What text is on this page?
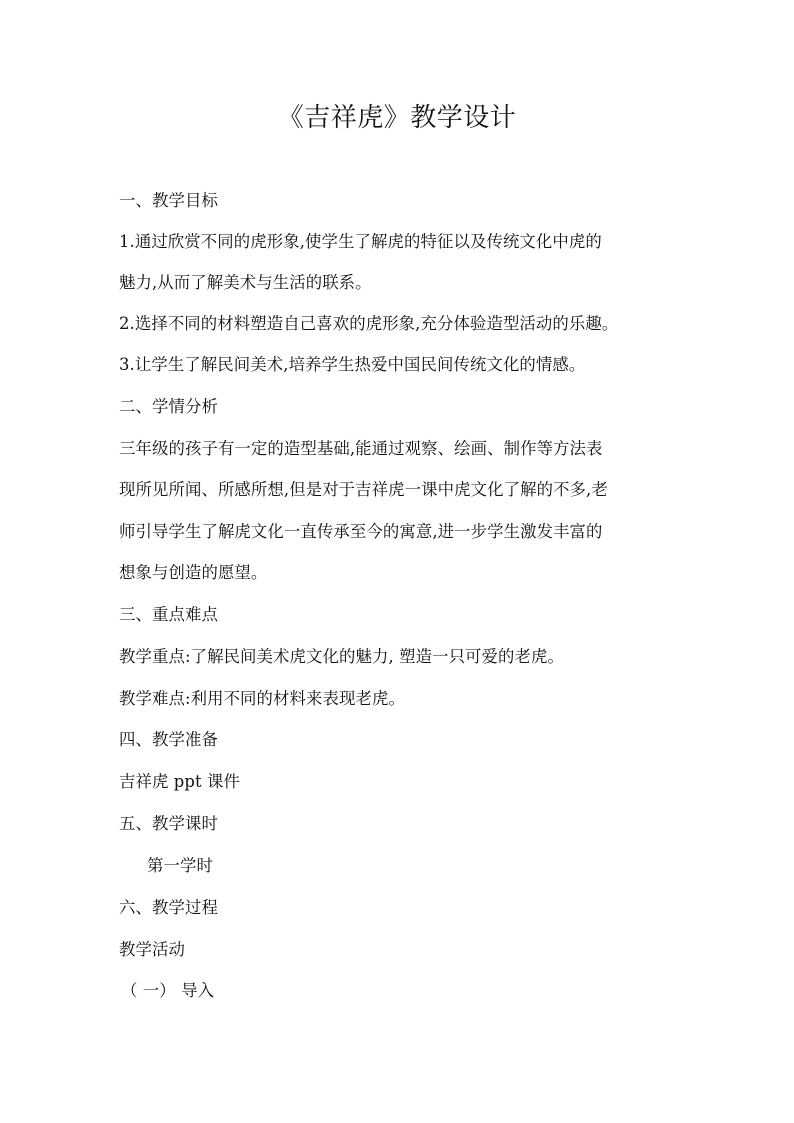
《吉祥虎》教学设计
一、教学目标
1.通过欣赏不同的虎形象,使学生了解虎的特征以及传统文化中虎的
魅力,从而了解美术与生活的联系。
2.选择不同的材料塑造自己喜欢的虎形象,充分体验造型活动的乐趣。
3.让学生了解民间美术,培养学生热爱中国民间传统文化的情感。
二、学情分析
三年级的孩子有一定的造型基础,能通过观察、绘画、制作等方法表
现所见所闻、所感所想,但是对于吉祥虎一课中虎文化了解的不多,老
师引导学生了解虎文化一直传承至今的寓意,进一步学生激发丰富的
想象与创造的愿望。
三、重点难点
教学重点:了解民间美术虎文化的魅力, 塑造一只可爱的老虎。
教学难点:利用不同的材料来表现老虎。
四、教学准备
吉祥虎 ppt 课件
五、教学课时
第一学时
六、教学过程
教学活动
（ 一） 导入
